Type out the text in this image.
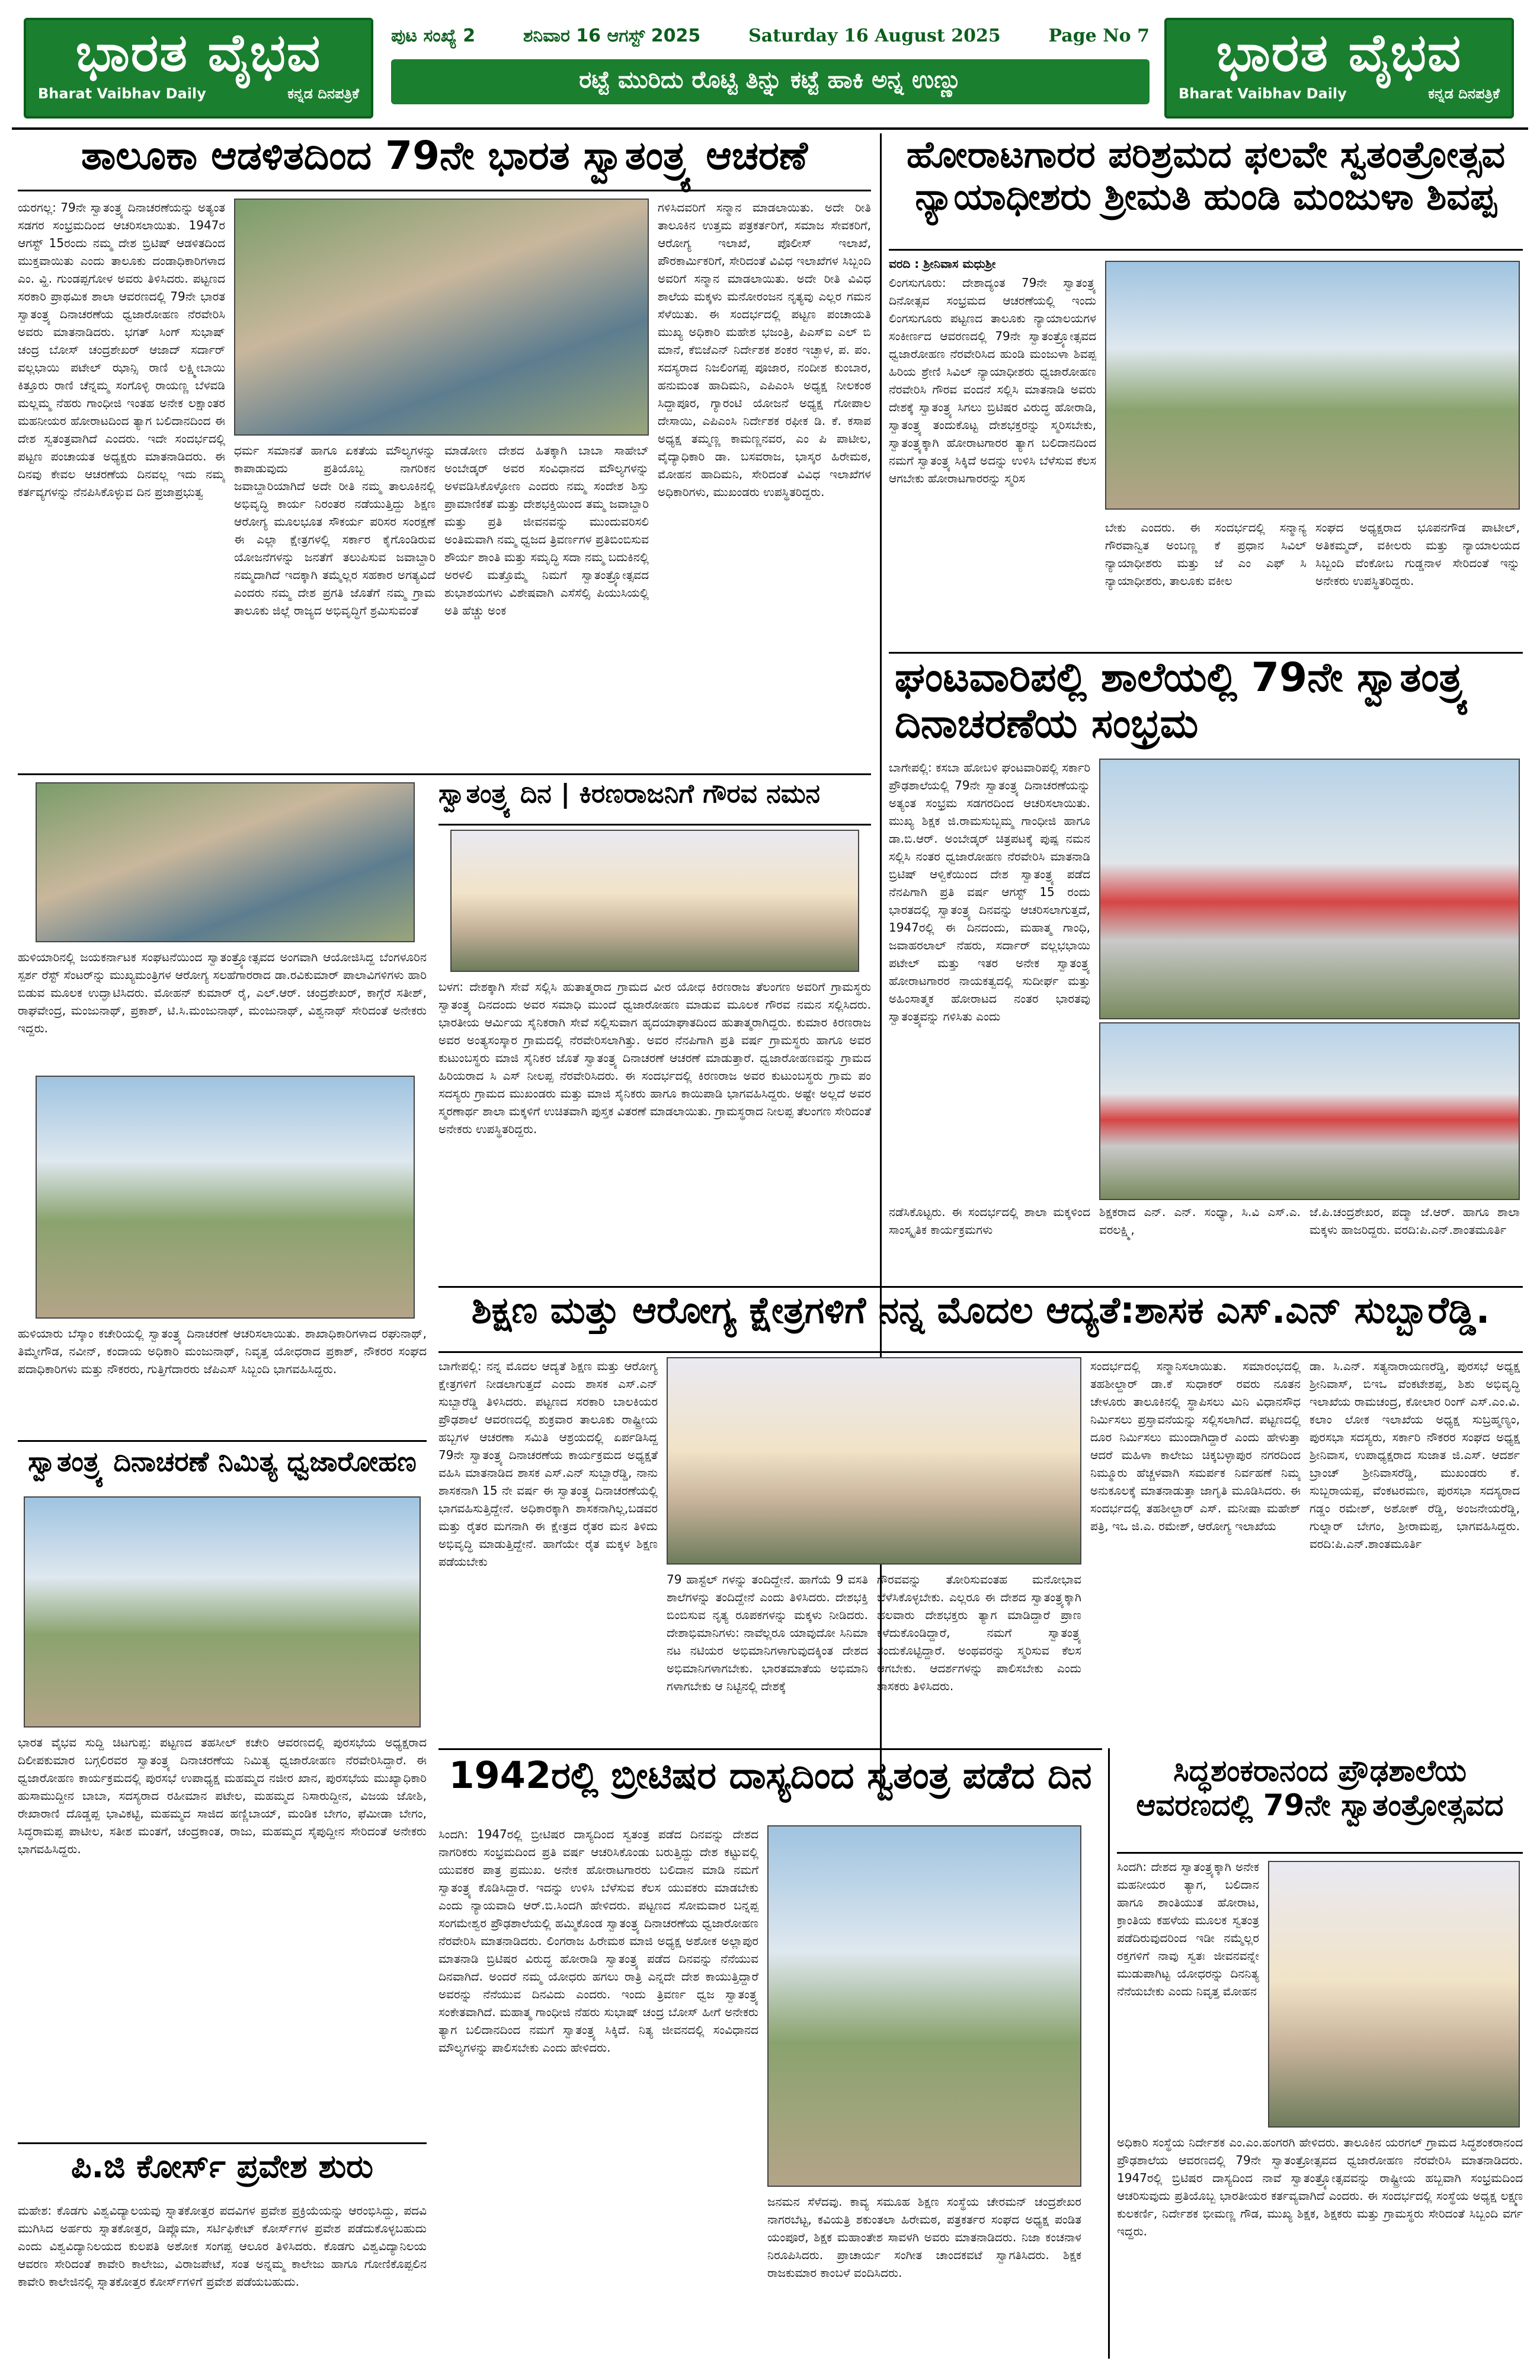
ಭಾರತ ವೈಭವ
Bharat Vaibhav Daily	ಕನ್ನಡ ದಿನಪತ್ರಿಕೆ
ಪುಟ ಸಂಖ್ಯೆ 2	ಶನಿವಾರ 16 ಆಗಸ್ಟ್ 2025	Saturday 16 August 2025	Page No 7
ರಟ್ಟೆ ಮುರಿದು ರೊಟ್ಟಿ ತಿನ್ನು ಕಟ್ಟೆ ಹಾಕಿ ಅನ್ನ ಉಣ್ಣು	ಭಾರತ ವೈಭವ
Bharat Vaibhav Daily	ಕನ್ನಡ ದಿನಪತ್ರಿಕೆ
ತಾಲೂಕಾ ಆಡಳಿತದಿಂದ 79ನೇ ಭಾರತ ಸ್ವಾತಂತ್ರ್ಯ ಆಚರಣೆ
ಯರಗಲ್ಲ: 79ನೇ ಸ್ವಾತಂತ್ರ್ಯ ದಿನಾಚರಣೆಯನ್ನು ಅತ್ಯಂತ ಸಡಗರ ಸಂಭ್ರಮದಿಂದ ಆಚರಿಸಲಾಯಿತು. 1947ರ ಆಗಸ್ಟ್ 15ರಂದು ನಮ್ಮ ದೇಶ ಬ್ರಿಟಿಷ್ ಆಡಳಿತದಿಂದ ಮುಕ್ತವಾಯಿತು ಎಂದು ತಾಲೂಕು ದಂಡಾಧಿಕಾರಿಗಳಾದ ಎಂ. ವ್ಹಿ. ಗುಂಡಪ್ಪಗೋಳ ಅವರು ತಿಳಿಸಿದರು. ಪಟ್ಟಣದ ಸರಕಾರಿ ಪ್ರಾಥಮಿಕ ಶಾಲಾ ಆವರಣದಲ್ಲಿ 79ನೇ ಭಾರತ ಸ್ವಾತಂತ್ರ್ಯ ದಿನಾಚರಣೆಯ ಧ್ವಜಾರೋಹಣ ನೆರವೇರಿಸಿ ಅವರು ಮಾತನಾಡಿದರು. ಭಗತ್ ಸಿಂಗ್ ಸುಭಾಷ್ ಚಂದ್ರ ಬೋಸ್ ಚಂದ್ರಶೇಖರ್ ಆಜಾದ್ ಸರ್ದಾರ್ ವಲ್ಲಭಾಯಿ ಪಟೇಲ್ ಝಾನ್ಸಿ ರಾಣಿ ಲಕ್ಷ್ಮೀಬಾಯಿ ಕಿತ್ತೂರು ರಾಣಿ ಚೆನ್ನಮ್ಮ ಸಂಗೊಳ್ಳಿ ರಾಯಣ್ಣ ಬೆಳವಡಿ ಮಲ್ಲಮ್ಮ ನೆಹರು ಗಾಂಧೀಜಿ ಇಂತಹ ಅನೇಕ ಲಕ್ಷಾಂತರ ಮಹನೀಯರ ಹೋರಾಟದಿಂದ ತ್ಯಾಗ ಬಲಿದಾನದಿಂದ ಈ ದೇಶ ಸ್ವತಂತ್ರವಾಗಿದೆ ಎಂದರು. ಇದೇ ಸಂದರ್ಭದಲ್ಲಿ ಪಟ್ಟಣ ಪಂಚಾಯತ ಅಧ್ಯಕ್ಷರು ಮಾತನಾಡಿದರು. ಈ ದಿನವು ಕೇವಲ ಆಚರಣೆಯ ದಿನವಲ್ಲ ಇದು ನಮ್ಮ ಕರ್ತವ್ಯಗಳನ್ನು ನೆನಪಿಸಿಕೊಳ್ಳುವ ದಿನ ಪ್ರಜಾಪ್ರಭುತ್ವ
ಧರ್ಮ ಸಮಾನತೆ ಹಾಗೂ ಏಕತೆಯ ಮೌಲ್ಯಗಳನ್ನು ಕಾಪಾಡುವುದು ಪ್ರತಿಯೊಬ್ಬ ನಾಗರಿಕನ ಜವಾಬ್ದಾರಿಯಾಗಿದೆ ಅದೇ ರೀತಿ ನಮ್ಮ ತಾಲೂಕಿನಲ್ಲಿ ಅಭಿವೃದ್ಧಿ ಕಾರ್ಯ ನಿರಂತರ ನಡೆಯುತ್ತಿದ್ದು ಶಿಕ್ಷಣ ಆರೋಗ್ಯ ಮೂಲಭೂತ ಸೌಕರ್ಯ ಪರಿಸರ ಸಂರಕ್ಷಣೆ ಈ ಎಲ್ಲಾ ಕ್ಷೇತ್ರಗಳಲ್ಲಿ ಸರ್ಕಾರ ಕೈಗೊಂಡಿರುವ ಯೋಜನೆಗಳನ್ನು ಜನತೆಗೆ ತಲುಪಿಸುವ ಜವಾಬ್ದಾರಿ ನಮ್ಮದಾಗಿದೆ ಇದಕ್ಕಾಗಿ ತಮ್ಮೆಲ್ಲರ ಸಹಕಾರ ಅಗತ್ಯವಿದೆ ಎಂದರು ನಮ್ಮ ದೇಶ ಪ್ರಗತಿ ಜೊತೆಗೆ ನಮ್ಮ ಗ್ರಾಮ ತಾಲೂಕು ಜಿಲ್ಲೆ ರಾಜ್ಯದ ಅಭಿವೃದ್ಧಿಗೆ ಶ್ರಮಿಸುವಂತೆ
ಮಾಡೋಣ ದೇಶದ ಹಿತಕ್ಕಾಗಿ ಬಾಬಾ ಸಾಹೇಬ್ ಅಂಬೇಡ್ಕರ್ ಅವರ ಸಂವಿಧಾನದ ಮೌಲ್ಯಗಳನ್ನು ಅಳವಡಿಸಿಕೊಳ್ಳೋಣ ಎಂದರು ನಮ್ಮ ಸಂದೇಶ ಶಿಸ್ತು ಪ್ರಾಮಾಣಿಕತೆ ಮತ್ತು ದೇಶಭಕ್ತಿಯಿಂದ ತಮ್ಮ ಜವಾಬ್ದಾರಿ ಮತ್ತು ಪ್ರತಿ ಜೀವನವನ್ನು ಮುಂದುವರಿಸಲಿ ಅಂತಿಮವಾಗಿ ನಮ್ಮ ಧ್ವಜದ ತ್ರಿವರ್ಣಗಳ ಪ್ರತಿಬಿಂಬಿಸುವ ಶೌರ್ಯ ಶಾಂತಿ ಮತ್ತು ಸಮೃದ್ಧಿ ಸದಾ ನಮ್ಮ ಬದುಕಿನಲ್ಲಿ ಅರಳಲಿ ಮತ್ತೊಮ್ಮೆ ನಿಮಗೆ ಸ್ವಾತಂತ್ರ್ಯೋತ್ಸವದ ಶುಭಾಶಯಗಳು ವಿಶೇಷವಾಗಿ ಎಸೆಸೆಲ್ಸಿ ಪಿಯುಸಿಯಲ್ಲಿ ಅತಿ ಹೆಚ್ಚು ಅಂಕ
ಗಳಿಸಿದವರಿಗೆ ಸನ್ಮಾನ ಮಾಡಲಾಯಿತು. ಅದೇ ರೀತಿ ತಾಲೂಕಿನ ಉತ್ತಮ ಪತ್ರಕರ್ತರಿಗೆ, ಸಮಾಜ ಸೇವಕರಿಗೆ, ಆರೋಗ್ಯ ಇಲಾಖೆ, ಪೊಲೀಸ್ ಇಲಾಖೆ, ಪೌರಕಾರ್ಮಿಕರಿಗೆ, ಸೇರಿದಂತೆ ವಿವಿಧ ಇಲಾಖೆಗಳ ಸಿಬ್ಬಂದಿ ಅವರಿಗೆ ಸನ್ಮಾನ ಮಾಡಲಾಯಿತು. ಅದೇ ರೀತಿ ವಿವಿಧ ಶಾಲೆಯ ಮಕ್ಕಳು ಮನೋರಂಜನ ನೃತ್ಯವು ಎಲ್ಲರ ಗಮನ ಸೆಳೆಯಿತು. ಈ ಸಂದರ್ಭದಲ್ಲಿ ಪಟ್ಟಣ ಪಂಚಾಯತಿ ಮುಖ್ಯ ಅಧಿಕಾರಿ ಮಹೇಶ ಭಜಂತ್ರಿ, ಪಿಎಸ್ಐ ಎಲ್ ಬಿ ಮಾನೆ, ಕೆಬಿಜೆಎನ್ ನಿರ್ದೇಶಕ ಶಂಕರ ಇಚ್ಛಾಳ, ಪ. ಪಂ. ಸದಸ್ಯರಾದ ನಿಜಲಿಂಗಪ್ಪ ಪೂಜಾರ, ನಂದೀಶ ಕುಂಬಾರ, ಹನುಮಂತ ಹಾದಿಮನಿ, ಎಪಿಎಂಸಿ ಅಧ್ಯಕ್ಷ ನೀಲಕಂಠ ಸಿದ್ದಾಪೂರ, ಗ್ಯಾರಂಟಿ ಯೋಜನೆ ಅಧ್ಯಕ್ಷ ಗೋಪಾಲ ದೇಸಾಯಿ, ಎಪಿಎಂಸಿ ನಿರ್ದೇಶಕ ರಫೀಕ ಡಿ. ಕೆ. ಕಸಾಪ ಅಧ್ಯಕ್ಷ ತಮ್ಮಣ್ಣ ಕಾಮಣ್ಣನವರ, ಎಂ ಪಿ ಪಾಟೀಲ, ವೈದ್ಯಾಧಿಕಾರಿ ಡಾ. ಬಸವರಾಜ, ಭಾಸ್ಕರ ಹಿರೇಮಠ, ಮೋಹನ ಹಾದಿಮನಿ, ಸೇರಿದಂತೆ ವಿವಿಧ ಇಲಾಖೆಗಳ ಅಧಿಕಾರಿಗಳು, ಮುಖಂಡರು ಉಪಸ್ಥಿತರಿದ್ದರು.
ಹೋರಾಟಗಾರರ ಪರಿಶ್ರಮದ ಫಲವೇ ಸ್ವತಂತ್ರೋತ್ಸವ ನ್ಯಾಯಾಧೀಶರು ಶ್ರೀಮತಿ ಹುಂಡಿ ಮಂಜುಳಾ ಶಿವಪ್ಪ
ವರದಿ : ಶ್ರೀನಿವಾಸ ಮಧುಶ್ರೀ
ಲಿಂಗಸುಗೂರು: ದೇಶಾದ್ಯಂತ 79ನೇ ಸ್ವಾತಂತ್ರ್ಯ ದಿನೋತ್ಸವ ಸಂಭ್ರಮದ ಆಚರಣೆಯಲ್ಲಿ ಇಂದು ಲಿಂಗಸುಗೂರು ಪಟ್ಟಣದ ತಾಲೂಕು ನ್ಯಾಯಾಲಯಗಳ ಸಂಕೀರ್ಣದ ಆವರಣದಲ್ಲಿ 79ನೇ ಸ್ವಾತಂತ್ರ್ಯೋತ್ಸವದ ಧ್ವಜಾರೋಹಣ ನೆರವೇರಿಸಿದ ಹುಂಡಿ ಮಂಜುಳಾ ಶಿವಪ್ಪ ಹಿರಿಯ ಶ್ರೇಣಿ ಸಿವಿಲ್ ನ್ಯಾಯಾಧೀಶರು ಧ್ವಜಾರೋಹಣ ನೆರವೇರಿಸಿ ಗೌರವ ವಂದನೆ ಸಲ್ಲಿಸಿ ಮಾತನಾಡಿ ಅವರು ದೇಶಕ್ಕೆ ಸ್ವಾತಂತ್ರ್ಯ ಸಿಗಲು ಬ್ರಿಟಿಷರ ವಿರುದ್ಧ ಹೋರಾಡಿ, ಸ್ವಾತಂತ್ರ್ಯ ತಂದುಕೊಟ್ಟ ದೇಶಭಕ್ತರನ್ನು ಸ್ಮರಿಸಬೇಕು, ಸ್ವಾತಂತ್ರ್ಯಕ್ಕಾಗಿ ಹೋರಾಟಗಾರರ ತ್ಯಾಗ ಬಲಿದಾನದಿಂದ ನಮಗೆ ಸ್ವಾತಂತ್ರ್ಯ ಸಿಕ್ಕಿದೆ ಅದನ್ನು ಉಳಿಸಿ ಬೆಳೆಸುವ ಕೆಲಸ ಆಗಬೇಕು ಹೋರಾಟಗಾರರನ್ನು ಸ್ಮರಿಸ
ಬೇಕು ಎಂದರು. ಈ ಸಂದರ್ಭದಲ್ಲಿ ಸನ್ಮಾನ್ಯ ಗೌರವಾನ್ವಿತ ಅಂಬಣ್ಣ ಕೆ ಪ್ರಧಾನ ಸಿವಿಲ್ ನ್ಯಾಯಾಧೀಶರು ಮತ್ತು ಜೆ ಎಂ ಎಫ್ ಸಿ ನ್ಯಾಯಾಧೀಶರು, ತಾಲೂಕು ವಕೀಲ
ಸಂಘದ ಅಧ್ಯಕ್ಷರಾದ ಭೂಪನಗೌಡ ಪಾಟೀಲ್, ಅತಿಕಮ್ಮದ್, ವಕೀಲರು ಮತ್ತು ನ್ಯಾಯಾಲಯದ ಸಿಬ್ಬಂದಿ ವೆಂಕೋಬ ಗುಡ್ಡನಾಳ ಸೇರಿದಂತೆ ಇನ್ನು ಅನೇಕರು ಉಪಸ್ಥಿತರಿದ್ದರು.
ಘಂಟವಾರಿಪಲ್ಲಿ ಶಾಲೆಯಲ್ಲಿ 79ನೇ ಸ್ವಾತಂತ್ರ್ಯ ದಿನಾಚರಣೆಯ ಸಂಭ್ರಮ
ಬಾಗೇಪಲ್ಲಿ: ಕಸಬಾ ಹೋಬಳಿ ಘಂಟವಾರಿಪಲ್ಲಿ ಸರ್ಕಾರಿ ಪ್ರೌಢಶಾಲೆಯಲ್ಲಿ 79ನೇ ಸ್ವಾತಂತ್ರ್ಯ ದಿನಾಚರಣೆಯನ್ನು ಅತ್ಯಂತ ಸಂಭ್ರಮ ಸಡಗರದಿಂದ ಆಚರಿಸಲಾಯಿತು. ಮುಖ್ಯ ಶಿಕ್ಷಕ ಜಿ.ರಾಮಸುಬ್ಬಮ್ಮ ಗಾಂಧೀಜಿ ಹಾಗೂ ಡಾ.ಬಿ.ಆರ್. ಅಂಬೇಡ್ಕರ್ ಚಿತ್ರಪಟಕ್ಕೆ ಪುಷ್ಪ ನಮನ ಸಲ್ಲಿಸಿ ನಂತರ ಧ್ವಜಾರೋಹಣ ನೆರವೇರಿಸಿ ಮಾತನಾಡಿ ಬ್ರಿಟಿಷ್ ಆಳ್ವಿಕೆಯಿಂದ ದೇಶ ಸ್ವಾತಂತ್ರ್ಯ ಪಡೆದ ನೆನಪಿಗಾಗಿ ಪ್ರತಿ ವರ್ಷ ಆಗಸ್ಟ್ 15 ರಂದು ಭಾರತದಲ್ಲಿ ಸ್ವಾತಂತ್ರ್ಯ ದಿನವನ್ನು ಆಚರಿಸಲಾಗುತ್ತದೆ, 1947ರಲ್ಲಿ ಈ ದಿನದಂದು, ಮಹಾತ್ಮ ಗಾಂಧಿ, ಜವಾಹರಲಾಲ್ ನೆಹರು, ಸರ್ದಾರ್ ವಲ್ಲಭಭಾಯಿ ಪಟೇಲ್ ಮತ್ತು ಇತರ ಅನೇಕ ಸ್ವಾತಂತ್ರ್ಯ ಹೋರಾಟಗಾರರ ನಾಯಕತ್ವದಲ್ಲಿ ಸುದೀರ್ಘ ಮತ್ತು ಅಹಿಂಸಾತ್ಮಕ ಹೋರಾಟದ ನಂತರ ಭಾರತವು ಸ್ವಾತಂತ್ರ್ಯವನ್ನು ಗಳಿಸಿತು ಎಂದು
ನಡೆಸಿಕೊಟ್ಟರು. ಈ ಸಂದರ್ಭದಲ್ಲಿ ಶಾಲಾ ಮಕ್ಕಳಿಂದ ಸಾಂಸ್ಕೃತಿಕ ಕಾರ್ಯಕ್ರಮಗಳು
ಶಿಕ್ಷಕರಾದ ಎನ್. ಎನ್. ಸಂಧ್ಯಾ, ಸಿ.ವಿ ಎಸ್.ಎ. ವರಲಕ್ಷ್ಮಿ,
ಜೆ.ಪಿ.ಚಂದ್ರಶೇಖರ, ಪದ್ಮಾ ಜೆ.ಆರ್. ಹಾಗೂ ಶಾಲಾ ಮಕ್ಕಳು ಹಾಜರಿದ್ದರು. ವರದಿ:ಪಿ.ಎನ್.ಶಾಂತಮೂರ್ತಿ
ಹುಳಿಯಾರಿನಲ್ಲಿ ಜಯಕರ್ನಾಟಕ ಸಂಘಟನೆಯಿಂದ ಸ್ವಾತಂತ್ರ್ಯೋತ್ಸವದ ಅಂಗವಾಗಿ ಆಯೋಜಿಸಿದ್ದ ಬೆಂಗಳೂರಿನ ಸ್ಪರ್ಶ ರೆಸ್ಟ್ ಸೆಂಟರ್‌ನ್ನು ಮುಖ್ಯಮಂತ್ರಿಗಳ ಆರೋಗ್ಯ ಸಲಹೆಗಾರರಾದ ಡಾ.ರವಿಕುಮಾರ್ ಪಾಲಾವಿಗಳಿಗಳು ಹಾರಿ ಬಿಡುವ ಮೂಲಕ ಉದ್ಘಾಟಿಸಿದರು. ಮೋಹನ್ ಕುಮಾರ್ ರೈ, ಎಲ್.ಆರ್. ಚಂದ್ರಶೇಖರ್, ಕಾಗ್ಗೆರೆ ಸತೀಶ್, ರಾಘವೇಂದ್ರ, ಮಂಜುನಾಥ್, ಪ್ರಕಾಶ್, ಟಿ.ಸಿ.ಮಂಜುನಾಥ್, ಮಂಜುನಾಥ್, ವಿಶ್ವನಾಥ್ ಸೇರಿದಂತೆ ಅನೇಕರು ಇದ್ದರು.
ಹುಳಿಯಾರು ಬೆಸ್ಕಾಂ ಕಚೇರಿಯಲ್ಲಿ ಸ್ವಾತಂತ್ರ್ಯ ದಿನಾಚರಣೆ ಆಚರಿಸಲಾಯಿತು. ಶಾಖಾಧಿಕಾರಿಗಳಾದ ರಘುನಾಥ್, ತಿಮ್ಮೇಗೌಡ, ನವೀನ್, ಕಂದಾಯ ಅಧಿಕಾರಿ ಮಂಜುನಾಥ್, ನಿವೃತ್ತ ಯೋಧರಾದ ಪ್ರಕಾಶ್, ನೌಕರರ ಸಂಘದ ಪದಾಧಿಕಾರಿಗಳು ಮತ್ತು ನೌಕರರು, ಗುತ್ತಿಗೆದಾರರು ಜೆಪಿಎಸ್ ಸಿಬ್ಬಂದಿ ಭಾಗವಹಿಸಿದ್ದರು.
ಸ್ವಾತಂತ್ರ್ಯ ದಿನ | ಕಿರಣರಾಜನಿಗೆ ಗೌರವ ನಮನ
ಬಳಗ: ದೇಶಕ್ಕಾಗಿ ಸೇವೆ ಸಲ್ಲಿಸಿ ಹುತಾತ್ಮರಾದ ಗ್ರಾಮದ ವೀರ ಯೋಧ ಕಿರಣರಾಜ ತೆಲಂಗಣ ಅವರಿಗೆ ಗ್ರಾಮಸ್ಥರು ಸ್ವಾತಂತ್ರ್ಯ ದಿನದಂದು ಅವರ ಸಮಾಧಿ ಮುಂದೆ ಧ್ವಜಾರೋಹಣ ಮಾಡುವ ಮೂಲಕ ಗೌರವ ನಮನ ಸಲ್ಲಿಸಿದರು. ಭಾರತೀಯ ಆರ್ಮಿಯ ಸೈನಿಕರಾಗಿ ಸೇವೆ ಸಲ್ಲಿಸುವಾಗ ಹೃದಯಾಘಾತದಿಂದ ಹುತಾತ್ಮರಾಗಿದ್ದರು. ಕುಮಾರ ಕಿರಣರಾಜ ಅವರ ಅಂತ್ಯಸಂಸ್ಕಾರ ಗ್ರಾಮದಲ್ಲಿ ನೆರವೇರಿಸಲಾಗಿತ್ತು. ಅವರ ನೆನಪಿಗಾಗಿ ಪ್ರತಿ ವರ್ಷ ಗ್ರಾಮಸ್ಥರು ಹಾಗೂ ಅವರ ಕುಟುಂಬಸ್ಥರು ಮಾಜಿ ಸೈನಿಕರ ಜೊತೆ ಸ್ವಾತಂತ್ರ್ಯ ದಿನಾಚರಣೆ ಆಚರಣೆ ಮಾಡುತ್ತಾರೆ. ಧ್ವಜಾರೋಹಣವನ್ನು ಗ್ರಾಮದ ಹಿರಿಯರಾದ ಸಿ ಎಸ್ ನೀಲಪ್ಪ ನೆರವೇರಿಸಿದರು. ಈ ಸಂದರ್ಭದಲ್ಲಿ ಕಿರಣರಾಜ ಅವರ ಕುಟುಂಬಸ್ಥರು ಗ್ರಾಮ ಪಂ ಸದಸ್ಯರು ಗ್ರಾಮದ ಮುಖಂಡರು ಮತ್ತು ಮಾಜಿ ಸೈನಿಕರು ಹಾಗೂ ಕಾಯಿಪಾಡಿ ಭಾಗವಹಿಸಿದ್ದರು. ಅಷ್ಟೇ ಅಲ್ಲದೆ ಅವರ ಸ್ಮರಣಾರ್ಥ ಶಾಲಾ ಮಕ್ಕಳಿಗೆ ಉಚಿತವಾಗಿ ಪುಸ್ತಕ ವಿತರಣೆ ಮಾಡಲಾಯಿತು. ಗ್ರಾಮಸ್ಥರಾದ ನೀಲಪ್ಪ ತೆಲಂಗಣ ಸೇರಿದಂತೆ ಅನೇಕರು ಉಪಸ್ಥಿತರಿದ್ದರು.
ಶಿಕ್ಷಣ ಮತ್ತು ಆರೋಗ್ಯ ಕ್ಷೇತ್ರಗಳಿಗೆ ನನ್ನ ಮೊದಲ ಆದ್ಯತೆ:ಶಾಸಕ ಎಸ್.ಎನ್ ಸುಬ್ಬಾರೆಡ್ಡಿ.
ಬಾಗೇಪಲ್ಲಿ: ನನ್ನ ಮೊದಲ ಆದ್ಯತೆ ಶಿಕ್ಷಣ ಮತ್ತು ಆರೋಗ್ಯ ಕ್ಷೇತ್ರಗಳಿಗೆ ನೀಡಲಾಗುತ್ತದೆ ಎಂದು ಶಾಸಕ ಎಸ್.ಎನ್ ಸುಬ್ಬಾರೆಡ್ಡಿ ತಿಳಿಸಿದರು. ಪಟ್ಟಣದ ಸರಕಾರಿ ಬಾಲಕಿಯರ ಪ್ರೌಢಶಾಲೆ ಆವರಣದಲ್ಲಿ ಶುಕ್ರವಾರ ತಾಲೂಕು ರಾಷ್ಟ್ರೀಯ ಹಬ್ಬಗಳ ಆಚರಣಾ ಸಮಿತಿ ಆಶ್ರಯದಲ್ಲಿ ಏರ್ಪಡಿಸಿದ್ದ 79ನೇ ಸ್ವಾತಂತ್ರ್ಯ ದಿನಾಚರಣೆಯ ಕಾರ್ಯಕ್ರಮದ ಅಧ್ಯಕ್ಷತೆ ವಹಿಸಿ ಮಾತನಾಡಿದ ಶಾಸಕ ಎಸ್.ಎನ್ ಸುಬ್ಬಾರೆಡ್ಡಿ, ನಾನು ಶಾಸಕನಾಗಿ 15 ನೇ ವರ್ಷ ಈ ಸ್ವಾತಂತ್ರ್ಯ ದಿನಾಚರಣೆಯಲ್ಲಿ ಭಾಗವಹಿಸುತ್ತಿದ್ದೇನೆ. ಅಧಿಕಾರಕ್ಕಾಗಿ ಶಾಸಕನಾಗಿಲ್ಲ,ಬಡವರ ಮತ್ತು ರೈತರ ಮಗನಾಗಿ ಈ ಕ್ಷೇತ್ರದ ರೈತರ ಮನ ತಿಳಿದು ಅಭಿವೃದ್ಧಿ ಮಾಡುತ್ತಿದ್ದೇನೆ. ಹಾಗೆಯೇ ರೈತ ಮಕ್ಕಳ ಶಿಕ್ಷಣ ಪಡೆಯಬೇಕು
79 ಹಾಸ್ಟೆಲ್ ಗಳನ್ನು ತಂದಿದ್ದೇನೆ. ಹಾಗೆಯೆ 9 ವಸತಿ ಶಾಲೆಗಳನ್ನು ತಂದಿದ್ದೇನೆ ಎಂದು ತಿಳಿಸಿದರು. ದೇಶಭಕ್ತಿ ಬಿಂಬಿಸುವ ನೃತ್ಯ ರೂಪಕಗಳನ್ನು ಮಕ್ಕಳು ನೀಡಿದರು. ದೇಶಾಭಿಮಾನಿಗಳು: ನಾವೆಲ್ಲರೂ ಯಾವುದೋ ಸಿನಿಮಾ ನಟ ನಟಿಯರ ಅಭಿಮಾನಿಗಳಾಗುವುದಕ್ಕಿಂತ ದೇಶದ ಅಭಿಮಾನಿಗಳಾಗಬೇಕು. ಭಾರತಮಾತೆಯ ಅಭಿಮಾನಿ ಗಳಾಗಬೇಕು ಆ ನಿಟ್ಟಿನಲ್ಲಿ ದೇಶಕ್ಕೆ
ಗೌರವವನ್ನು ತೋರಿಸುವಂತಹ ಮನೋಭಾವ ಬೆಳೆಸಿಕೊಳ್ಳಬೇಕು. ಎಲ್ಲರೂ ಈ ದೇಶದ ಸ್ವಾತಂತ್ರ್ಯಕ್ಕಾಗಿ ಹಲವಾರು ದೇಶಭಕ್ತರು ತ್ಯಾಗ ಮಾಡಿದ್ದಾರೆ ಪ್ರಾಣ ಕಳೆದುಕೊಂಡಿದ್ದಾರೆ, ನಮಗೆ ಸ್ವಾತಂತ್ರ್ಯ ತಂದುಕೊಟ್ಟಿದ್ದಾರೆ. ಅಂಥವರನ್ನು ಸ್ಮರಿಸುವ ಕೆಲಸ ಆಗಬೇಕು. ಆದರ್ಶಗಳನ್ನು ಪಾಲಿಸಬೇಕು ಎಂದು ಶಾಸಕರು ತಿಳಿಸಿದರು.
ಸಂದರ್ಭದಲ್ಲಿ ಸನ್ಮಾನಿಸಲಾಯಿತು. ಸಮಾರಂಭದಲ್ಲಿ ತಹಶೀಲ್ದಾರ್ ಡಾ.ಕೆ ಸುಧಾಕರ್ ರವರು ನೂತನ ಚೇಳೂರು ತಾಲೂಕಿನಲ್ಲಿ ಸ್ಥಾಪಿಸಲು ಮಿನಿ ವಿಧಾನಸೌಧ ನಿರ್ಮಿಸಲು ಪ್ರಸ್ತಾವನೆಯನ್ನು ಸಲ್ಲಿಸಲಾಗಿದೆ. ಪಟ್ಟಣದಲ್ಲಿ ದೂರ ನಿರ್ಮಿಸಲು ಮುಂದಾಗಿದ್ದಾರೆ ಎಂದು ಹೇಳುತ್ತಾ ಆದರೆ ಮಹಿಳಾ ಕಾಲೇಜು ಚಿಕ್ಕಬಳ್ಳಾಪುರ ನಗರದಿಂದ ನಿಮ್ಮೂರು ಹೆಚ್ಚಳವಾಗಿ ಸಮರ್ಪಕ ನಿರ್ವಹಣೆ ನಿಮ್ಮ ಅನುಕೂಲಕ್ಕೆ ಮಾತನಾಡುತ್ತಾ ಜಾಗೃತಿ ಮೂಡಿಸಿದರು. ಈ ಸಂದರ್ಭದಲ್ಲಿ ತಹಶೀಲ್ದಾರ್ ಎಸ್. ಮನೀಷಾ ಮಹೇಶ್ ಪತ್ರಿ, ಇಒ ಜಿ.ಎ. ರಮೇಶ್, ಆರೋಗ್ಯ ಇಲಾಖೆಯ
ಡಾ. ಸಿ.ಎನ್. ಸತ್ಯನಾರಾಯಣರೆಡ್ಡಿ, ಪುರಸಭೆ ಅಧ್ಯಕ್ಷ ಶ್ರೀನಿವಾಸ್, ಬಿಇಒ ವೆಂಕಟೇಶಪ್ಪ, ಶಿಶು ಅಭಿವೃದ್ಧಿ ಇಲಾಖೆಯ ರಾಮಚಂದ್ರ, ಕೋಲಾರ ರಿಂಗ್ ಎಸ್.ಎಂ.ವಿ. ಕಲಾಂ ಲೋಕ ಇಲಾಖೆಯ ಅಧ್ಯಕ್ಷ ಸುಬ್ರಹ್ಮಣ್ಯಂ, ಪುರಸಭಾ ಸದಸ್ಯರು, ಸರ್ಕಾರಿ ನೌಕರರ ಸಂಘದ ಅಧ್ಯಕ್ಷ ಶ್ರೀನಿವಾಸ, ಉಪಾಧ್ಯಕ್ಷರಾದ ಸುಜಾತ ಜಿ.ಎಸ್. ಆದರ್ಶ ಬ್ರಾಂಚ್ ಶ್ರೀನಿವಾಸರೆಡ್ಡಿ, ಮುಖಂಡರು ಕೆ. ಸುಬ್ಬರಾಯಪ್ಪ, ವೆಂಕಟರಮಣ, ಪುರಸಭಾ ಸದಸ್ಯರಾದ ಗಡ್ಡಂ ರಮೇಶ್, ಅಶೋಕ್ ರೆಡ್ಡಿ, ಅಂಜನೇಯರೆಡ್ಡಿ, ಗುಲ್ನಾರ್ ಬೇಗಂ, ಶ್ರೀರಾಮಪ್ಪ, ಭಾಗವಹಿಸಿದ್ದರು. ವರದಿ:ಪಿ.ಎನ್.ಶಾಂತಮೂರ್ತಿ
ಸ್ವಾತಂತ್ರ್ಯ ದಿನಾಚರಣೆ ನಿಮಿತ್ಯ ಧ್ವಜಾರೋಹಣ
ಭಾರತ ವೈಭವ ಸುದ್ದಿ ಚಿಟಗುಪ್ಪ: ಪಟ್ಟಣದ ತಹಸೀಲ್ ಕಚೇರಿ ಆವರಣದಲ್ಲಿ ಪುರಸಭೆಯ ಅಧ್ಯಕ್ಷರಾದ ದಿಲೀಪಕುಮಾರ ಬಗ್ಗಲಿರವರ ಸ್ವಾತಂತ್ರ್ಯ ದಿನಾಚರಣೆಯ ನಿಮಿತ್ಯ ಧ್ವಜಾರೋಹಣ ನೆರವೇರಿಸಿದ್ದಾರೆ. ಈ ಧ್ವಜಾರೋಹಣ ಕಾರ್ಯಕ್ರಮದಲ್ಲಿ ಪುರಸಭೆ ಉಪಾಧ್ಯಕ್ಷ ಮಹಮ್ಮದ ನಜೀರ ಖಾನ, ಪುರಸಭೆಯ ಮುಖ್ಯಾಧಿಕಾರಿ ಹುಸಾಮುದ್ದೀನ ಬಾಬಾ, ಸದಸ್ಯರಾದ ರಹೀಮಾನ ಪಟೇಲ, ಮಹಮ್ಮದ ನಿಸಾರುದ್ದೀನ, ವಿಜಯ ಜೋಶಿ, ರೇಖಾರಾಣಿ ದೊಡ್ಡಪ್ಪ ಭಾವಿಕಟ್ಟಿ, ಮಹಮ್ಮದ ಸಾಜಿದ ಹಣ್ಣಿಬಾಯ್, ಮಂಡಿಕ ಬೇಗಂ, ಫೆಮೀಡಾ ಬೇಗಂ, ಸಿದ್ಧರಾಮಪ್ಪ ಪಾಟೀಲ, ಸತೀಶ ಮಂತಗೆ, ಚಂದ್ರಕಾಂತ, ರಾಜು, ಮಹಮ್ಮದ ಸೈಪುದ್ದೀನ ಸೇರಿದಂತೆ ಅನೇಕರು ಭಾಗವಹಿಸಿದ್ದರು.
1942ರಲ್ಲಿ ಬ್ರೀಟಿಷರ ದಾಸ್ಯದಿಂದ ಸ್ವತಂತ್ರ ಪಡೆದ ದಿನ
ಸಿಂದಗಿ: 1947ರಲ್ಲಿ ಬ್ರೀಟಿಷರ ದಾಸ್ಯದಿಂದ ಸ್ವತಂತ್ರ ಪಡೆದ ದಿನವನ್ನು ದೇಶದ ನಾಗರಿಕರು ಸಂಭ್ರಮದಿಂದ ಪ್ರತಿ ವರ್ಷ ಆಚರಿಸಿಕೊಂಡು ಬರುತ್ತಿದ್ದು ದೇಶ ಕಟ್ಟುವಲ್ಲಿ ಯುವಕರ ಪಾತ್ರ ಪ್ರಮುಖ. ಅನೇಕ ಹೋರಾಟಗಾರರು ಬಲಿದಾನ ಮಾಡಿ ನಮಗೆ ಸ್ವಾತಂತ್ರ್ಯ ಕೊಡಿಸಿದ್ದಾರೆ. ಇದನ್ನು ಉಳಿಸಿ ಬೆಳೆಸುವ ಕೆಲಸ ಯುವಕರು ಮಾಡಬೇಕು ಎಂದು ನ್ಯಾಯವಾದಿ ಆರ್.ಬಿ.ಸಿಂದಗಿ ಹೇಳಿದರು. ಪಟ್ಟಣದ ಸೋಮವಾರ ಬನ್ನಪ್ಪ ಸಂಗಮೇಶ್ವರ ಪ್ರೌಢಶಾಲೆಯಲ್ಲಿ ಹಮ್ಮಿಕೊಂಡ ಸ್ವಾತಂತ್ರ್ಯ ದಿನಾಚರಣೆಯ ಧ್ವಜಾರೋಹಣ ನೆರವೇರಿಸಿ ಮಾತನಾಡಿದರು. ಲಿಂಗರಾಜ ಹಿರೇಮಠ ಮಾಜಿ ಅಧ್ಯಕ್ಷ ಅಶೋಕ ಅಲ್ಲಾಪುರ ಮಾತನಾಡಿ ಬ್ರಿಟಿಷರ ವಿರುದ್ಧ ಹೋರಾಡಿ ಸ್ವಾತಂತ್ರ್ಯ ಪಡೆದ ದಿನವನ್ನು ನೆನೆಯುವ ದಿನವಾಗಿದೆ. ಅಂದರೆ ನಮ್ಮ ಯೋಧರು ಹಗಲು ರಾತ್ರಿ ಎನ್ನದೇ ದೇಶ ಕಾಯುತ್ತಿದ್ದಾರೆ ಅವರನ್ನು ನೆನೆಯುವ ದಿನವಿದು ಎಂದರು. ಇಂದು ತ್ರಿವರ್ಣ ಧ್ವಜ ಸ್ವಾತಂತ್ರ್ಯ ಸಂಕೇತವಾಗಿದೆ. ಮಹಾತ್ಮ ಗಾಂಧೀಜಿ ನೆಹರು ಸುಭಾಷ್ ಚಂದ್ರ ಬೋಸ್ ಹೀಗೆ ಅನೇಕರು ತ್ಯಾಗ ಬಲಿದಾನದಿಂದ ನಮಗೆ ಸ್ವಾತಂತ್ರ್ಯ ಸಿಕ್ಕಿದೆ. ನಿತ್ಯ ಜೀವನದಲ್ಲಿ ಸಂವಿಧಾನದ ಮೌಲ್ಯಗಳನ್ನು ಪಾಲಿಸಬೇಕು ಎಂದು ಹೇಳಿದರು.
ಜನಮನ ಸೆಳೆದವು. ಕಾವ್ಯ ಸಮೂಹ ಶಿಕ್ಷಣ ಸಂಸ್ಥೆಯ ಚೇರಮನ್ ಚಂದ್ರಶೇಖರ ನಾಗರಬೆಟ್ಟ, ಕವಿಯತ್ರಿ ಶಕುಂತಲಾ ಹಿರೇಮಠ, ಪತ್ರಕರ್ತರ ಸಂಘದ ಅಧ್ಯಕ್ಷ ಪಂಡಿತ ಯಂಪೂರೆ, ಶಿಕ್ಷಕ ಮಹಾಂತೇಶ ಸಾವಳಗಿ ಅವರು ಮಾತನಾಡಿದರು. ನಿಜಾ ಕಂಚನಾಳ ನಿರೂಪಿಸಿದರು. ಪ್ರಾಚಾರ್ಯ ಸಂಗೀತ ಚಾಂದಕವಟೆ ಸ್ವಾಗತಿಸಿದರು. ಶಿಕ್ಷಕ ರಾಜಕುಮಾರ ಕಾಂಬಳೆ ವಂದಿಸಿದರು.
ಸಿದ್ಧಶಂಕರಾನಂದ ಪ್ರೌಢಶಾಲೆಯ ಆವರಣದಲ್ಲಿ 79ನೇ ಸ್ವಾತಂತ್ರೋತ್ಸವದ
ಸಿಂದಗಿ: ದೇಶದ ಸ್ವಾತಂತ್ರ್ಯಕ್ಕಾಗಿ ಅನೇಕ ಮಹನೀಯರ ತ್ಯಾಗ, ಬಲಿದಾನ ಹಾಗೂ ಶಾಂತಿಯುತ ಹೋರಾಟ, ಕ್ರಾಂತಿಯ ಕಹಳೆಯ ಮೂಲಕ ಸ್ವತಂತ್ರ ಪಡೆದಿರುವುದರಿಂದ ಇಡೀ ನಮ್ಮೆಲ್ಲರ ರಕ್ತಗಳಿಗೆ ನಾವು ಸ್ವತಃ ಜೀವನವನ್ನೇ ಮುಡುಪಾಗಿಟ್ಟ ಯೋಧರನ್ನು ದಿನನಿತ್ಯ ನೆನೆಯಬೇಕು ಎಂದು ನಿವೃತ್ತ ಮೋಹನ
ಅಧಿಕಾರಿ ಸಂಸ್ಥೆಯ ನಿರ್ದೇಶಕ ಎಂ.ಎಂ.ಹಂಗರಗಿ ಹೇಳಿದರು. ತಾಲೂಕಿನ ಯರಗಲ್ ಗ್ರಾಮದ ಸಿದ್ಧಶಂಕರಾನಂದ ಪ್ರೌಢಶಾಲೆಯ ಆವರಣದಲ್ಲಿ 79ನೇ ಸ್ವಾತಂತ್ರೋತ್ಸವದ ಧ್ವಜಾರೋಹಣ ನೆರವೇರಿಸಿ ಮಾತನಾಡಿದರು. 1947ರಲ್ಲಿ ಬ್ರಿಟಿಷರ ದಾಸ್ಯದಿಂದ ನಾವೆ ಸ್ವಾತಂತ್ರ್ಯೋತ್ಸವವನ್ನು ರಾಷ್ಟ್ರೀಯ ಹಬ್ಬವಾಗಿ ಸಂಭ್ರಮದಿಂದ ಆಚರಿಸುವುದು ಪ್ರತಿಯೊಬ್ಬ ಭಾರತೀಯರ ಕರ್ತವ್ಯವಾಗಿದೆ ಎಂದರು. ಈ ಸಂದರ್ಭದಲ್ಲಿ ಸಂಸ್ಥೆಯ ಅಧ್ಯಕ್ಷ ಲಕ್ಷ್ಮಣ ಕುಲಕರ್ಣಿ, ನಿರ್ದೇಶಕ ಭೀಮಣ್ಣ ಗೌಡ, ಮುಖ್ಯ ಶಿಕ್ಷಕ, ಶಿಕ್ಷಕರು ಮತ್ತು ಗ್ರಾಮಸ್ಥರು ಸೇರಿದಂತೆ ಸಿಬ್ಬಂದಿ ವರ್ಗ ಇದ್ದರು.
ಪಿ.ಜಿ ಕೋರ್ಸ್ ಪ್ರವೇಶ ಶುರು
ಮಹೇಶ: ಕೊಡಗು ವಿಶ್ವವಿದ್ಯಾಲಯವು ಸ್ನಾತಕೋತ್ತರ ಪದವಿಗಳ ಪ್ರವೇಶ ಪ್ರಕ್ರಿಯೆಯನ್ನು ಆರಂಭಿಸಿದ್ದು, ಪದವಿ ಮುಗಿಸಿದ ಅರ್ಹರು ಸ್ನಾತಕೋತ್ತರ, ಡಿಪ್ಲೊಮಾ, ಸರ್ಟಿಫಿಕೇಟ್ ಕೋರ್ಸ್‌ಗಳ ಪ್ರವೇಶ ಪಡೆದುಕೊಳ್ಳಬಹುದು ಎಂದು ವಿಶ್ವವಿದ್ಯಾನಿಲಯದ ಕುಲಪತಿ ಅಶೋಕ ಸಂಗಪ್ಪ ಆಲೂರ ತಿಳಿಸಿದರು. ಕೊಡಗು ವಿಶ್ವವಿದ್ಯಾನಿಲಯ ಆವರಣ ಸೇರಿದಂತೆ ಕಾವೇರಿ ಕಾಲೇಜು, ವಿರಾಜಪೇಟೆ, ಸಂತ ಅನ್ನಮ್ಮ ಕಾಲೇಜು ಹಾಗೂ ಗೋಣಿಕೊಪ್ಪಲಿನ ಕಾವೇರಿ ಕಾಲೇಜಿನಲ್ಲಿ ಸ್ನಾತಕೋತ್ತರ ಕೋರ್ಸ್‌ಗಳಿಗೆ ಪ್ರವೇಶ ಪಡೆಯಬಹುದು.
